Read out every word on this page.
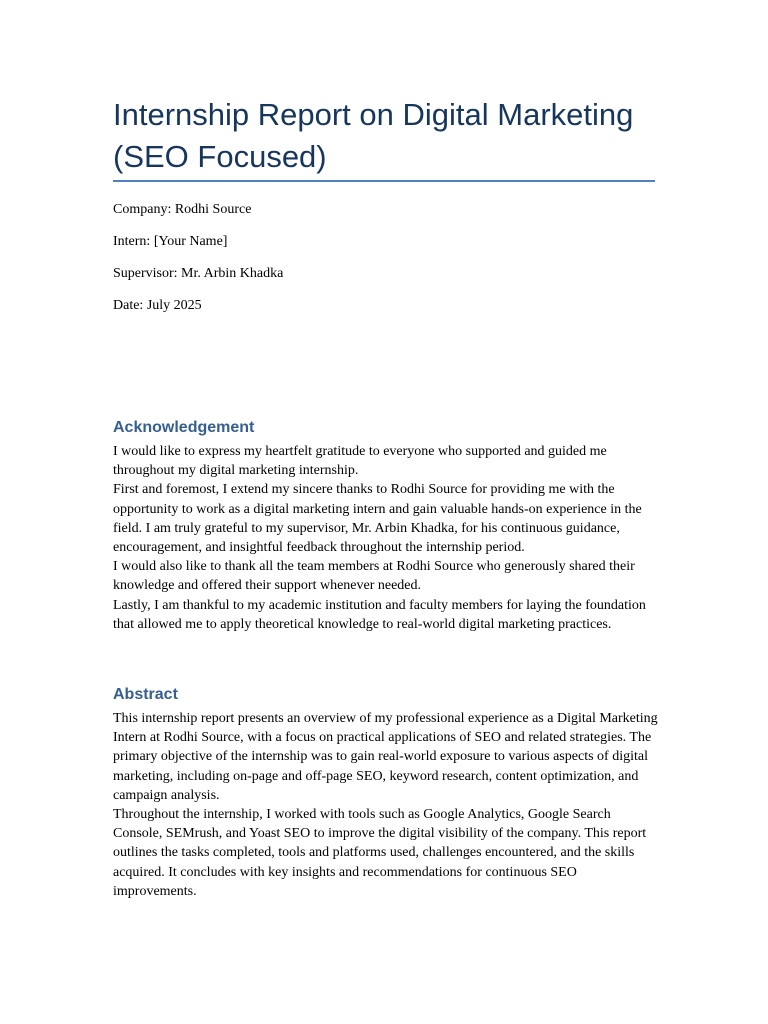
Internship Report on Digital Marketing (SEO Focused)

Company: Rodhi Source

Intern: [Your Name]

Supervisor: Mr. Arbin Khadka

Date: July 2025

Acknowledgement

I would like to express my heartfelt gratitude to everyone who supported and guided me throughout my digital marketing internship.

First and foremost, I extend my sincere thanks to Rodhi Source for providing me with the opportunity to work as a digital marketing intern and gain valuable hands-on experience in the field. I am truly grateful to my supervisor, Mr. Arbin Khadka, for his continuous guidance, encouragement, and insightful feedback throughout the internship period.

I would also like to thank all the team members at Rodhi Source who generously shared their knowledge and offered their support whenever needed.

Lastly, I am thankful to my academic institution and faculty members for laying the foundation that allowed me to apply theoretical knowledge to real-world digital marketing practices.

Abstract

This internship report presents an overview of my professional experience as a Digital Marketing Intern at Rodhi Source, with a focus on practical applications of SEO and related strategies. The primary objective of the internship was to gain real-world exposure to various aspects of digital marketing, including on-page and off-page SEO, keyword research, content optimization, and campaign analysis.

Throughout the internship, I worked with tools such as Google Analytics, Google Search Console, SEMrush, and Yoast SEO to improve the digital visibility of the company. This report outlines the tasks completed, tools and platforms used, challenges encountered, and the skills acquired. It concludes with key insights and recommendations for continuous SEO improvements.
